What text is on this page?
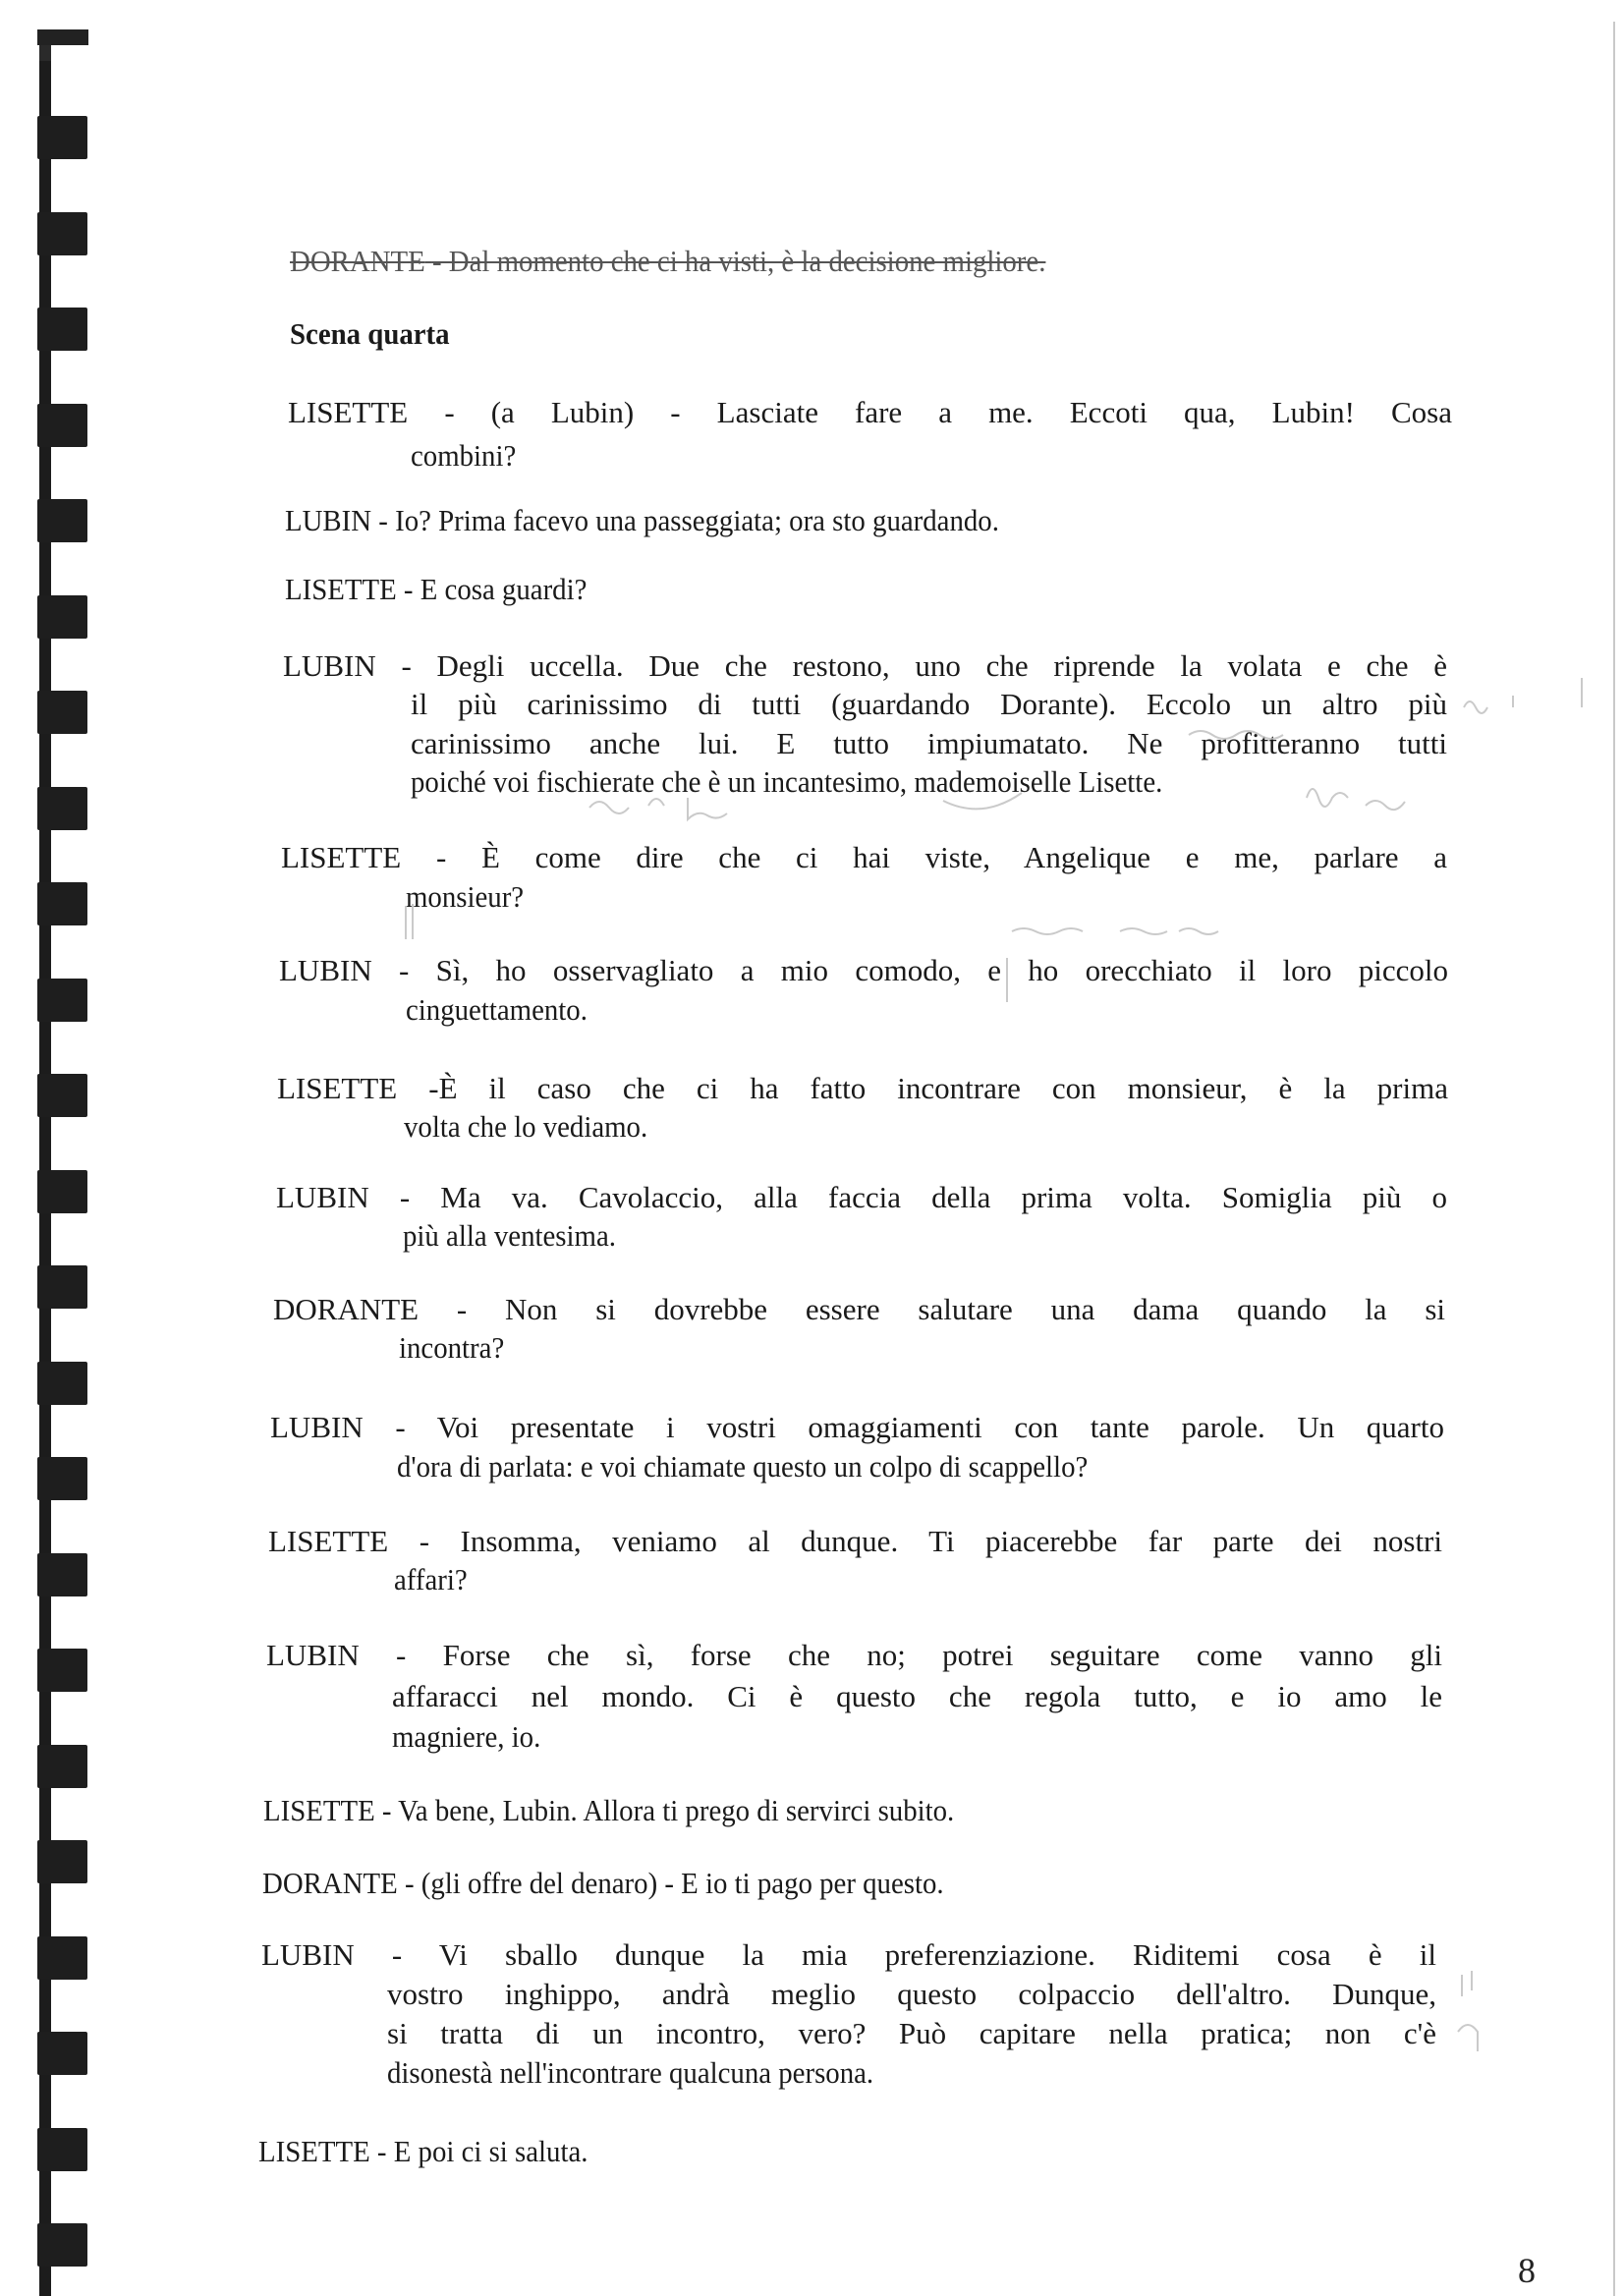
DORANTE - Dal momento che ci ha visti, è la decisione migliore.
Scena quarta
LISETTE - (a Lubin) - Lasciate fare a me. Eccoti qua, Lubin! Cosa
combini?
LUBIN - Io? Prima facevo una passeggiata; ora sto guardando.
LISETTE - E cosa guardi?
LUBIN - Degli uccella. Due che restono, uno che riprende la volata e che è
il più carinissimo di tutti (guardando Dorante). Eccolo un altro più
carinissimo anche lui. E tutto impiumatato. Ne profitteranno tutti
poiché voi fischierate che è un incantesimo, mademoiselle Lisette.
LISETTE - È come dire che ci hai viste, Angelique e me, parlare a
monsieur?
LUBIN - Sì, ho osservagliato a mio comodo, e ho orecchiato il loro piccolo
cinguettamento.
LISETTE -È il caso che ci ha fatto incontrare con monsieur, è la prima
volta che lo vediamo.
LUBIN - Ma va. Cavolaccio, alla faccia della prima volta. Somiglia più o
più alla ventesima.
DORANTE - Non si dovrebbe essere salutare una dama quando la si
incontra?
LUBIN - Voi presentate i vostri omaggiamenti con tante parole. Un quarto
d'ora di parlata: e voi chiamate questo un colpo di scappello?
LISETTE - Insomma, veniamo al dunque. Ti piacerebbe far parte dei nostri
affari?
LUBIN - Forse che sì, forse che no; potrei seguitare come vanno gli
affaracci nel mondo. Ci è questo che regola tutto, e io amo le
magniere, io.
LISETTE - Va bene, Lubin. Allora ti prego di servirci subito.
DORANTE - (gli offre del denaro) - E io ti pago per questo.
LUBIN - Vi sballo dunque la mia preferenziazione. Riditemi cosa è il
vostro inghippo, andrà meglio questo colpaccio dell'altro. Dunque,
si tratta di un incontro, vero? Può capitare nella pratica; non c'è
disonestà nell'incontrare qualcuna persona.
LISETTE - E poi ci si saluta.
8
